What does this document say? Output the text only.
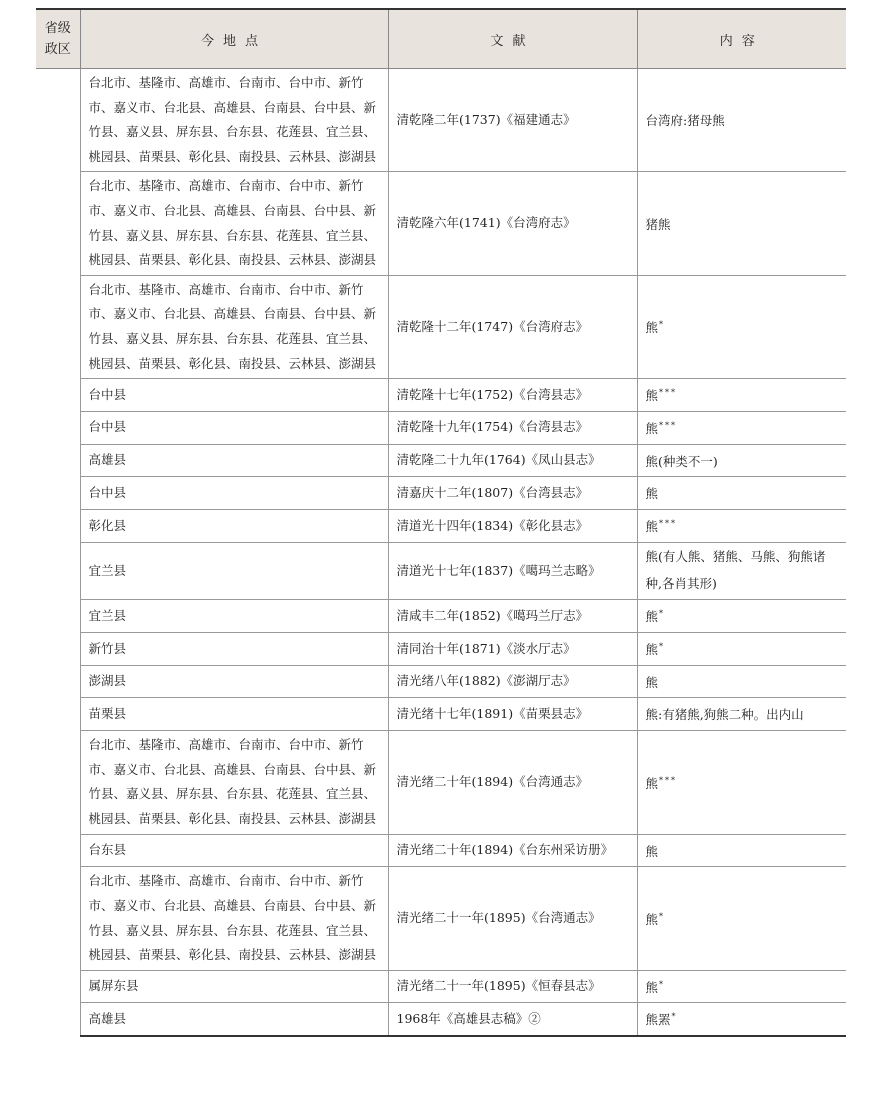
省级
政区	今地点	文献	内容
	台北市、基隆市、高雄市、台南市、台中市、新竹市、嘉义市、台北县、高雄县、台南县、台中县、新竹县、嘉义县、屏东县、台东县、花莲县、宜兰县、桃园县、苗栗县、彰化县、南投县、云林县、澎湖县	清乾隆二年(1737)《福建通志》	台湾府:猪母熊
	台北市、基隆市、高雄市、台南市、台中市、新竹市、嘉义市、台北县、高雄县、台南县、台中县、新竹县、嘉义县、屏东县、台东县、花莲县、宜兰县、桃园县、苗栗县、彰化县、南投县、云林县、澎湖县	清乾隆六年(1741)《台湾府志》	猪熊
	台北市、基隆市、高雄市、台南市、台中市、新竹市、嘉义市、台北县、高雄县、台南县、台中县、新竹县、嘉义县、屏东县、台东县、花莲县、宜兰县、桃园县、苗栗县、彰化县、南投县、云林县、澎湖县	清乾隆十二年(1747)《台湾府志》	熊*
	台中县	清乾隆十七年(1752)《台湾县志》	熊***
	台中县	清乾隆十九年(1754)《台湾县志》	熊***
	高雄县	清乾隆二十九年(1764)《凤山县志》	熊(种类不一)
	台中县	清嘉庆十二年(1807)《台湾县志》	熊
	彰化县	清道光十四年(1834)《彰化县志》	熊***
	宜兰县	清道光十七年(1837)《噶玛兰志略》	熊(有人熊、猪熊、马熊、狗熊诸种,各肖其形)
	宜兰县	清咸丰二年(1852)《噶玛兰厅志》	熊*
	新竹县	清同治十年(1871)《淡水厅志》	熊*
	澎湖县	清光绪八年(1882)《澎湖厅志》	熊
	苗栗县	清光绪十七年(1891)《苗栗县志》	熊:有猪熊,狗熊二种。出内山
	台北市、基隆市、高雄市、台南市、台中市、新竹市、嘉义市、台北县、高雄县、台南县、台中县、新竹县、嘉义县、屏东县、台东县、花莲县、宜兰县、桃园县、苗栗县、彰化县、南投县、云林县、澎湖县	清光绪二十年(1894)《台湾通志》	熊***
	台东县	清光绪二十年(1894)《台东州采访册》	熊
	台北市、基隆市、高雄市、台南市、台中市、新竹市、嘉义市、台北县、高雄县、台南县、台中县、新竹县、嘉义县、屏东县、台东县、花莲县、宜兰县、桃园县、苗栗县、彰化县、南投县、云林县、澎湖县	清光绪二十一年(1895)《台湾通志》	熊*
	属屏东县	清光绪二十一年(1895)《恒春县志》	熊*
	高雄县	1968年《高雄县志稿》②	熊罴*
